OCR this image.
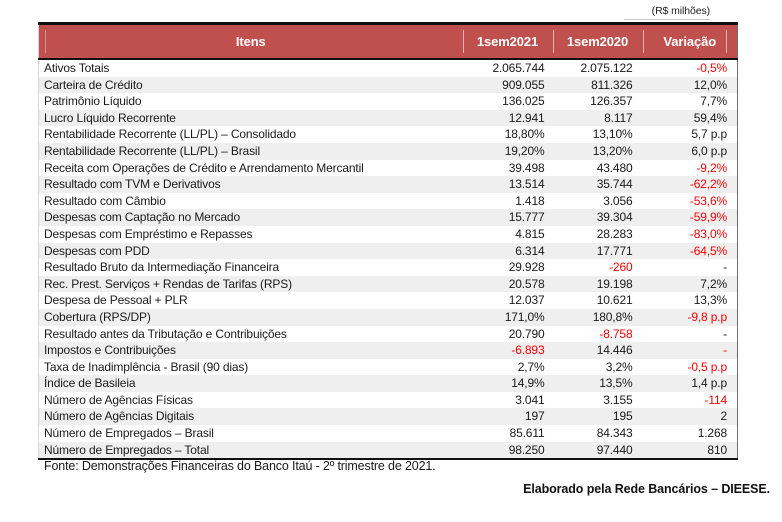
(R$ milhões)
Itens	1sem2021	1sem2020	Variação
Ativos Totais	2.065.744	2.075.122	-0,5%
Carteira de Crédito	909.055	811.326	12,0%
Patrimônio Líquido	136.025	126.357	7,7%
Lucro Líquido Recorrente	12.941	8.117	59,4%
Rentabilidade Recorrente (LL/PL) – Consolidado	18,80%	13,10%	5,7 p.p
Rentabilidade Recorrente (LL/PL) – Brasil	19,20%	13,20%	6,0 p.p
Receita com Operações de Crédito e Arrendamento Mercantil	39.498	43.480	-9,2%
Resultado com TVM e Derivativos	13.514	35.744	-62,2%
Resultado com Câmbio	1.418	3.056	-53,6%
Despesas com Captação no Mercado	15.777	39.304	-59,9%
Despesas com Empréstimo e Repasses	4.815	28.283	-83,0%
Despesas com PDD	6.314	17.771	-64,5%
Resultado Bruto da Intermediação Financeira	29.928	-260	-
Rec. Prest. Serviços + Rendas de Tarifas (RPS)	20.578	19.198	7,2%
Despesa de Pessoal + PLR	12.037	10.621	13,3%
Cobertura (RPS/DP)	171,0%	180,8%	-9,8 p.p
Resultado antes da Tributação e Contribuições	20.790	-8.758	-
Impostos e Contribuições	-6.893	14.446	-
Taxa de Inadimplência - Brasil (90 dias)	2,7%	3,2%	-0,5 p.p
Índice de Basileia	14,9%	13,5%	1,4 p.p
Número de Agências Físicas	3.041	3.155	-114
Número de Agências Digitais	197	195	2
Número de Empregados – Brasil	85.611	84.343	1.268
Número de Empregados – Total	98.250	97.440	810
Fonte: Demonstrações Financeiras do Banco Itaú - 2º trimestre de 2021.
Elaborado pela Rede Bancários – DIEESE.
